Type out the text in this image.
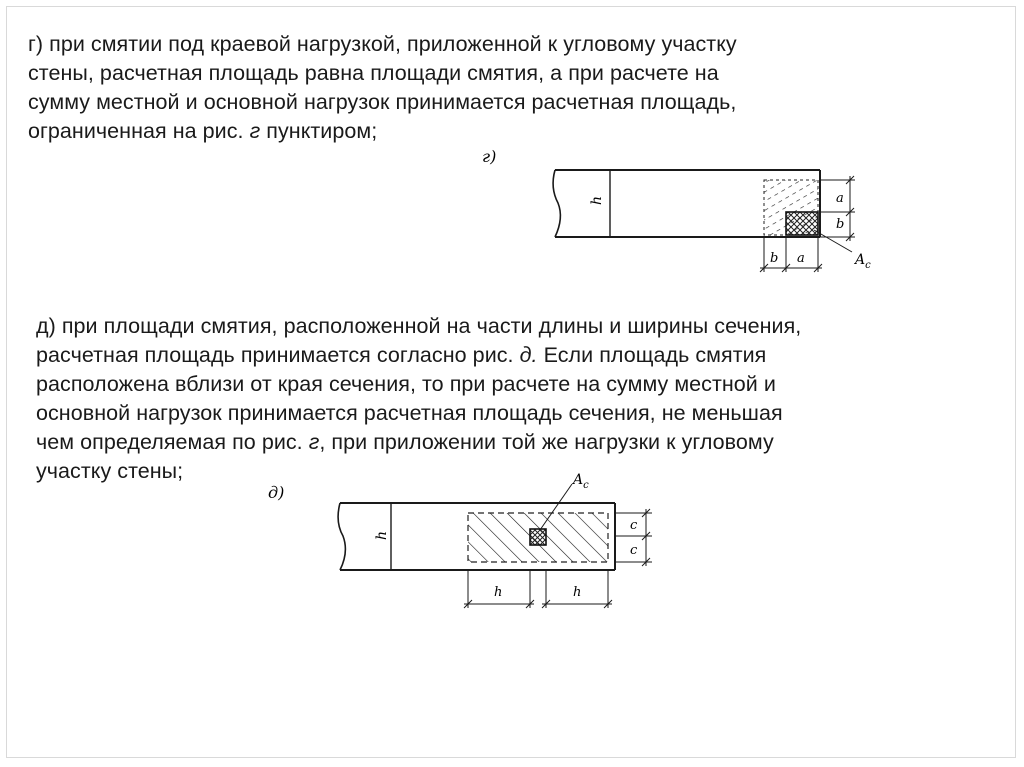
г) при смятии под краевой нагрузкой, приложенной к угловому участку
стены, расчетная площадь равна площади смятия, а при расчете на
сумму местной и основной нагрузок принимается расчетная площадь,
ограниченная на рис. г пунктиром;

д) при площади смятия, расположенной на части длины и ширины сечения,
расчетная площадь принимается согласно рис. д. Если площадь смятия
расположена вблизи от края сечения, то при расчете на сумму местной и
основной нагрузок принимается расчетная площадь сечения, не меньшая
чем определяемая по рис. г, при приложении той же нагрузки к угловому
участку стены;

г)
h	a
b
b a	$A_c$
д)
h
$A_c$
c
c
h	h
